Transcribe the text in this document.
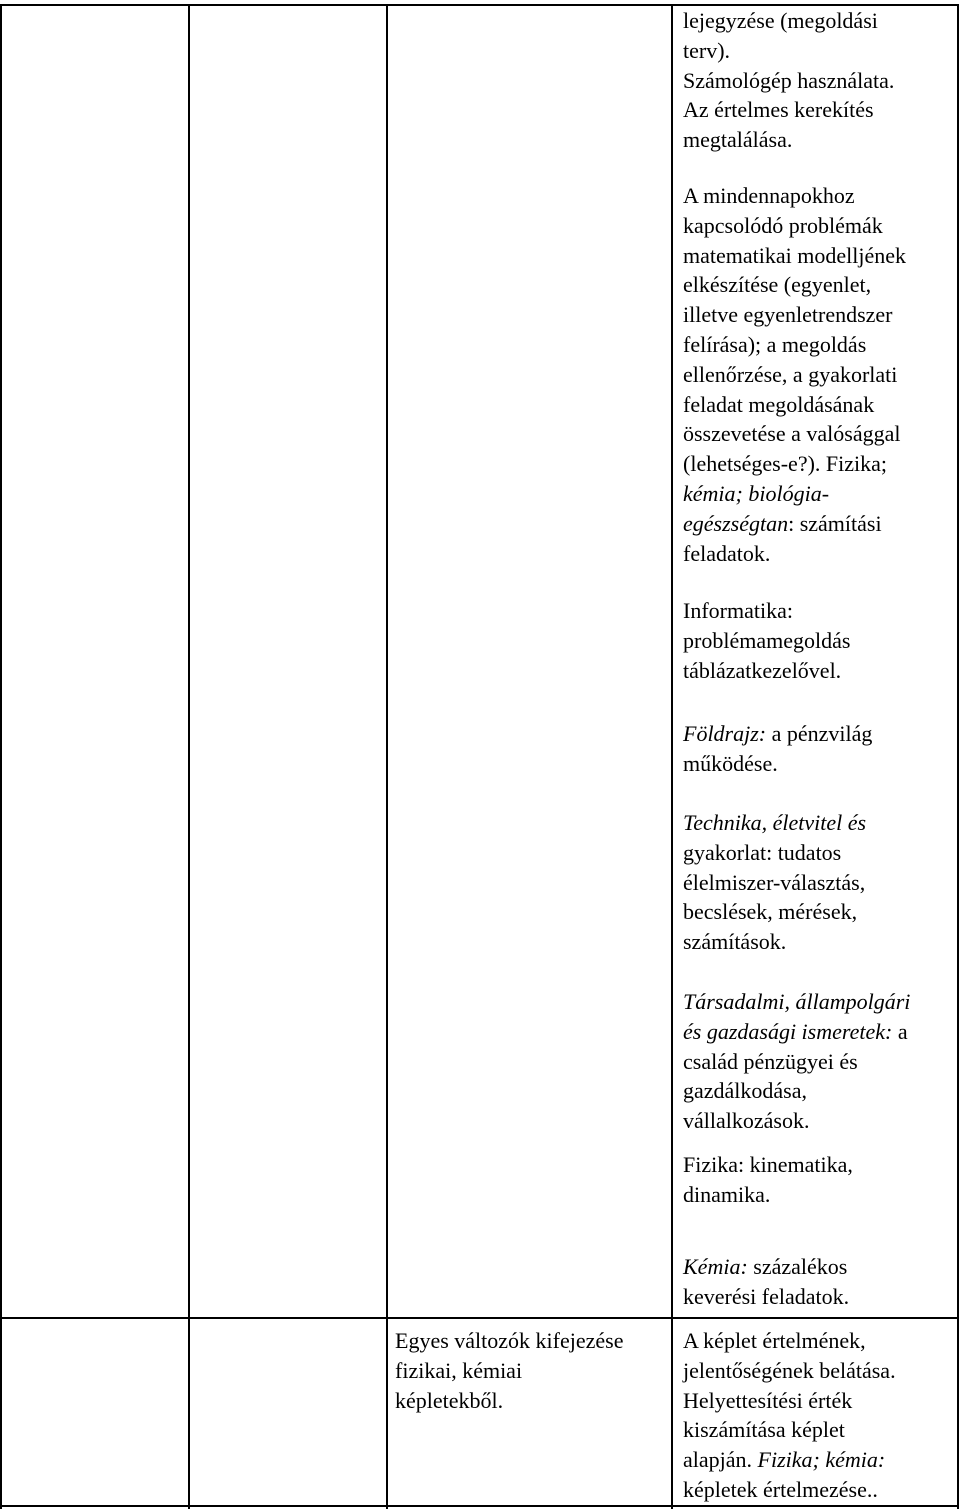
lejegyzése (megoldási

terv).

Számológép használata.

Az értelmes kerekítés

megtalálása.

A mindennapokhoz

kapcsolódó problémák

matematikai modelljének

elkészítése (egyenlet,

illetve egyenletrendszer

felírása); a megoldás

ellenőrzése, a gyakorlati

feladat megoldásának

összevetése a valósággal

(lehetséges-e?). Fizika;

kémia; biológia-

egészségtan: számítási

feladatok.

Informatika:

problémamegoldás

táblázatkezelővel.

Földrajz: a pénzvilág

működése.

Technika, életvitel és

gyakorlat: tudatos

élelmiszer-választás,

becslések, mérések,

számítások.

Társadalmi, állampolgári

és gazdasági ismeretek: a

család pénzügyei és

gazdálkodása,

vállalkozások.

Fizika: kinematika,

dinamika.

Kémia: százalékos

keverési feladatok.

Egyes változók kifejezése

fizikai, kémiai

képletekből.

A képlet értelmének,

jelentőségének belátása.

Helyettesítési érték

kiszámítása képlet

alapján. Fizika; kémia:

képletek értelmezése..
